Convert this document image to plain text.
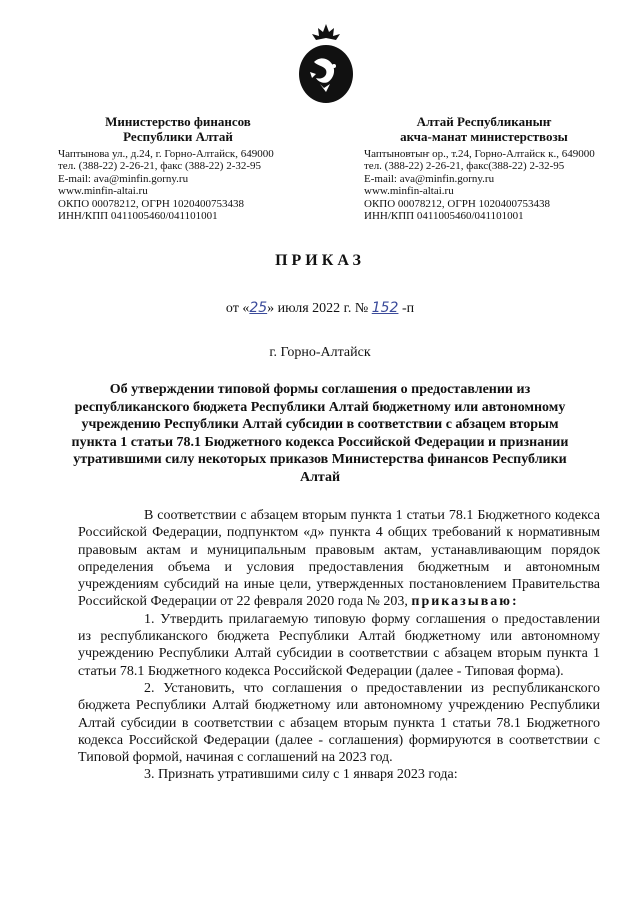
Министерство финансов
Республики Алтай
Чаптынова ул., д.24, г. Горно-Алтайск, 649000
тел. (388-22) 2-26-21, факс (388-22) 2-32-95
E-mail: ava@minfin.gorny.ru
www.minfin-altai.ru
ОКПО 00078212, ОГРН 1020400753438
ИНН/КПП 0411005460/041101001
Алтай Республиканыҥ
акча-манат министерствозы
Чаптыновтыҥ ор., т.24, Горно-Алтайск к., 649000
тел. (388-22) 2-26-21, факс(388-22) 2-32-95
E-mail: ava@minfin.gorny.ru
www.minfin-altai.ru
ОКПО 00078212, ОГРН 1020400753438
ИНН/КПП 0411005460/041101001
ПРИКАЗ
от «25» июля 2022 г. № 152 -п
г. Горно-Алтайск
Об утверждении типовой формы соглашения о предоставлении из республиканского бюджета Республики Алтай бюджетному или автономному учреждению Республики Алтай субсидии в соответствии с абзацем вторым пункта 1 статьи 78.1 Бюджетного кодекса Российской Федерации и признании утратившими силу некоторых приказов Министерства финансов Республики Алтай

В соответствии с абзацем вторым пункта 1 статьи 78.1 Бюджетного кодекса Российской Федерации, подпунктом «д» пункта 4 общих требований к нормативным правовым актам и муниципальным правовым актам, устанавливающим порядок определения объема и условия предоставления бюджетным и автономным учреждениям субсидий на иные цели, утвержденных постановлением Правительства Российской Федерации от 22 февраля 2020 года № 203, приказываю:

1. Утвердить прилагаемую типовую форму соглашения о предоставлении из республиканского бюджета Республики Алтай бюджетному или автономному учреждению Республики Алтай субсидии в соответствии с абзацем вторым пункта 1 статьи 78.1 Бюджетного кодекса Российской Федерации (далее - Типовая форма).

2. Установить, что соглашения о предоставлении из республиканского бюджета Республики Алтай бюджетному или автономному учреждению Республики Алтай субсидии в соответствии с абзацем вторым пункта 1 статьи 78.1 Бюджетного кодекса Российской Федерации (далее - соглашения) формируются в соответствии с Типовой формой, начиная с соглашений на 2023 год.

3. Признать утратившими силу с 1 января 2023 года:
